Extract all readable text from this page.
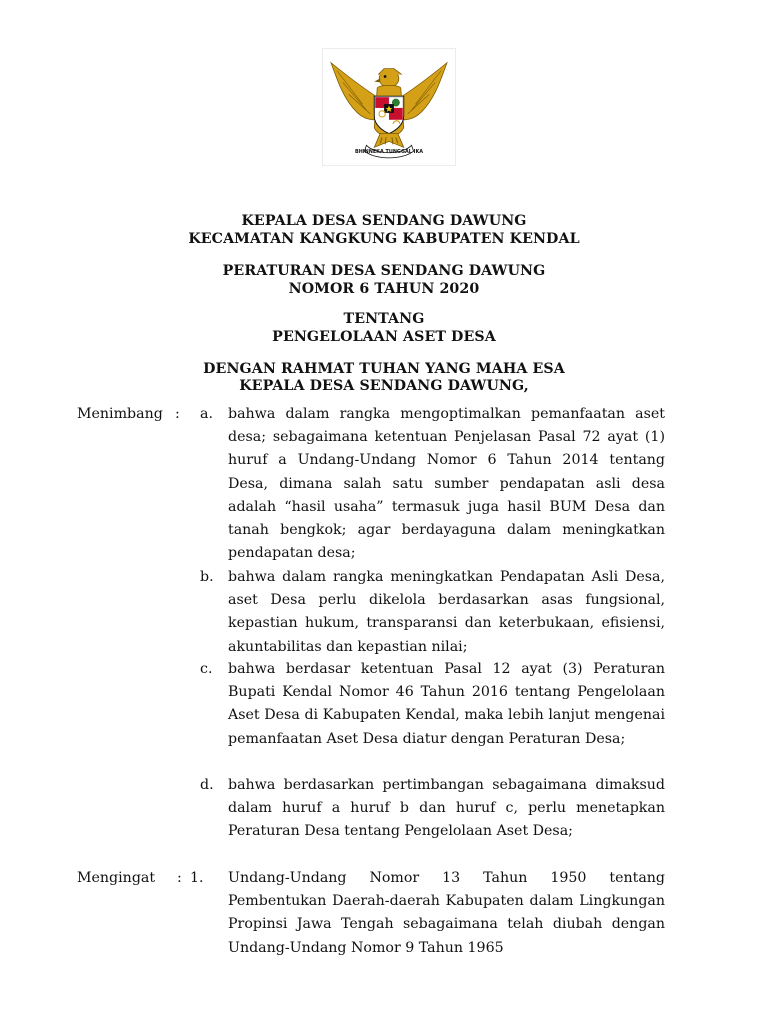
BHINNEKA TUNGGAL IKA
KEPALA DESA SENDANG DAWUNG
KECAMATAN KANGKUNG KABUPATEN KENDAL
PERATURAN DESA SENDANG DAWUNG
NOMOR 6 TAHUN 2020
TENTANG
PENGELOLAAN ASET DESA
DENGAN RAHMAT TUHAN YANG MAHA ESA
KEPALA DESA SENDANG DAWUNG,
Menimbang : a. bahwa dalam rangka mengoptimalkan pemanfaatan aset desa; sebagaimana ketentuan Penjelasan Pasal 72 ayat (1) huruf a Undang-Undang Nomor 6 Tahun 2014 tentang Desa, dimana salah satu sumber pendapatan asli desa adalah “hasil usaha” termasuk juga hasil BUM Desa dan tanah bengkok; agar berdayaguna dalam meningkatkan pendapatan desa;

b. bahwa dalam rangka meningkatkan Pendapatan Asli Desa, aset Desa perlu dikelola berdasarkan asas fungsional, kepastian hukum, transparansi dan keterbukaan, efisiensi, akuntabilitas dan kepastian nilai;

c. bahwa berdasar ketentuan Pasal 12 ayat (3) Peraturan Bupati Kendal Nomor 46 Tahun 2016 tentang Pengelolaan Aset Desa di Kabupaten Kendal, maka lebih lanjut mengenai pemanfaatan Aset Desa diatur dengan Peraturan Desa;

d. bahwa berdasarkan pertimbangan sebagaimana dimaksud dalam huruf a huruf b dan huruf c, perlu menetapkan Peraturan Desa tentang Pengelolaan Aset Desa;

Mengingat : 1. Undang-Undang Nomor 13 Tahun 1950 tentang Pembentukan Daerah-daerah Kabupaten dalam Lingkungan Propinsi Jawa Tengah sebagaimana telah diubah dengan Undang-Undang Nomor 9 Tahun 1965
